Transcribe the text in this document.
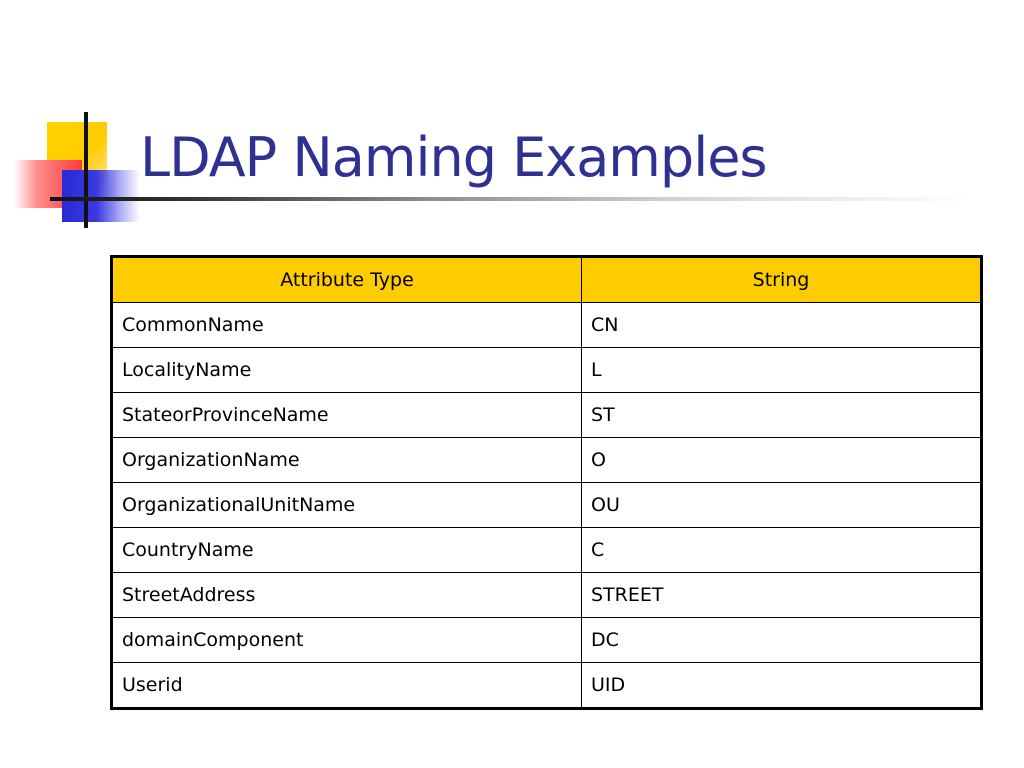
LDAP Naming Examples
Attribute Type	String
CommonName	CN
LocalityName	L
StateorProvinceName	ST
OrganizationName	O
OrganizationalUnitName	OU
CountryName	C
StreetAddress	STREET
domainComponent	DC
Userid	UID
